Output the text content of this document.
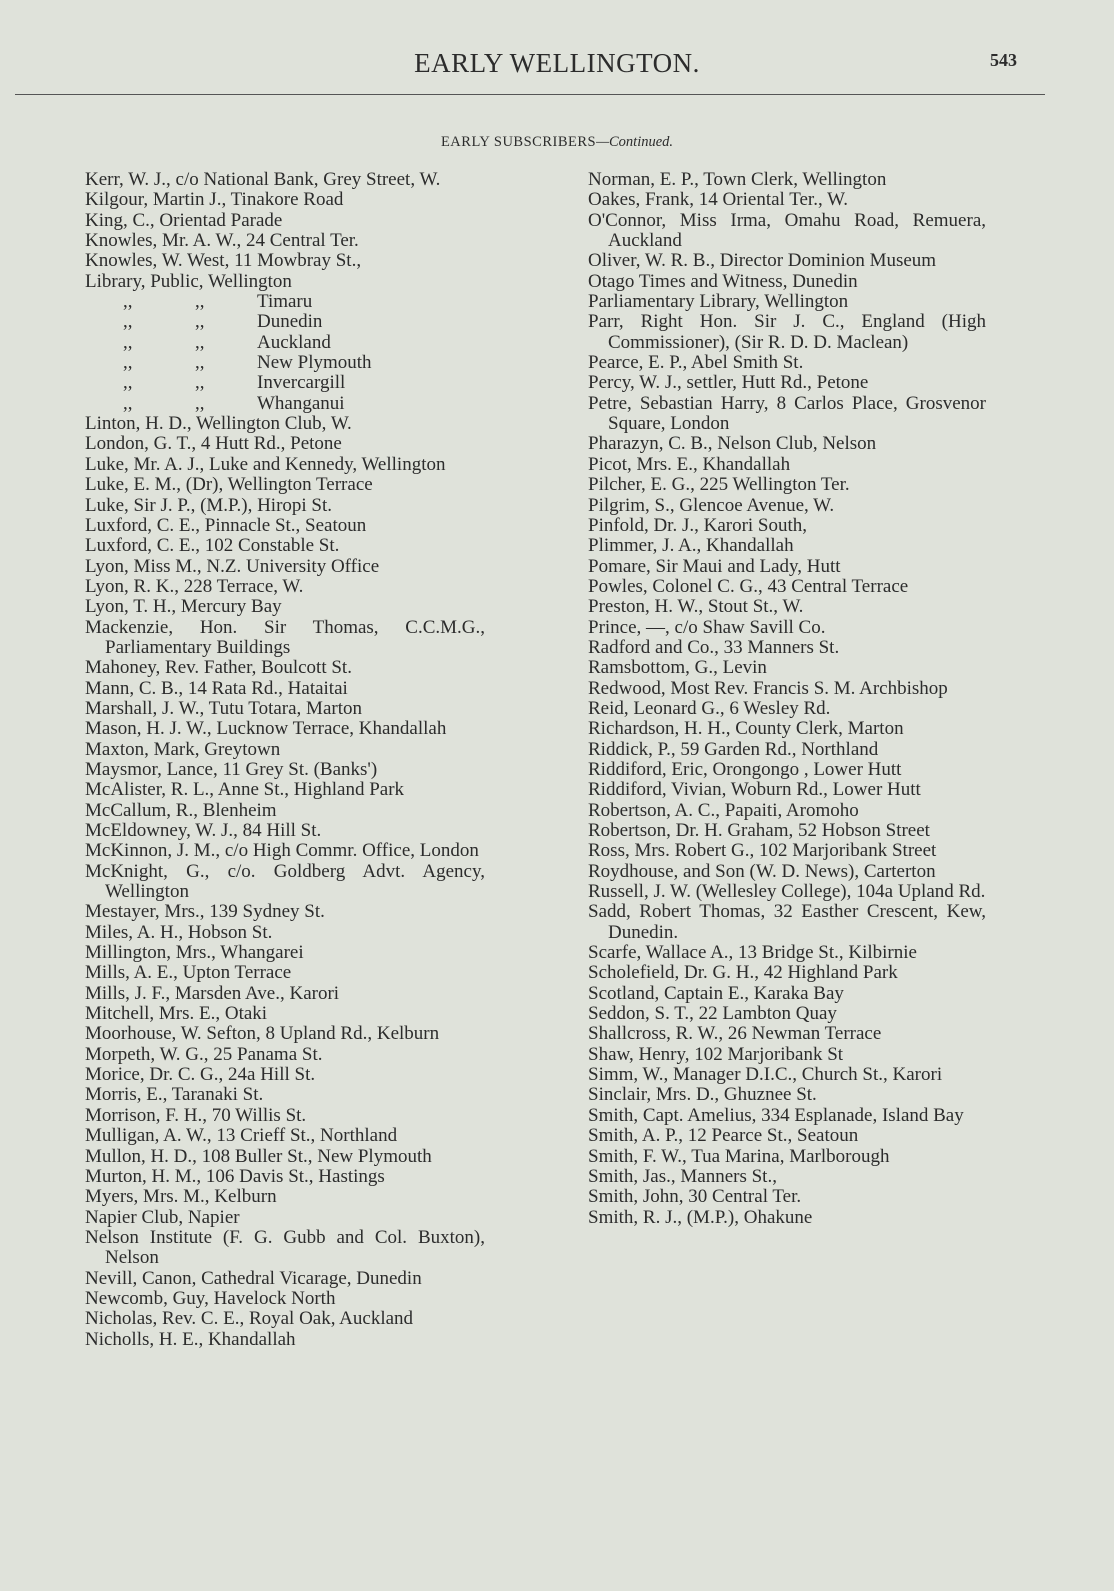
EARLY WELLINGTON.	543
EARLY SUBSCRIBERS—Continued.
Kerr, W. J., c/o National Bank, Grey Street, W.
Kilgour, Martin J., Tinakore Road
King, C., Orientad Parade
Knowles, Mr. A. W., 24 Central Ter.
Knowles, W. West, 11 Mowbray St.,
Library, Public, Wellington
,,	,,	Timaru
,,	,,	Dunedin
,,	,,	Auckland
,,	,,	New Plymouth
,,	,,	Invercargill
,,	,,	Whanganui
Linton, H. D., Wellington Club, W.
London, G. T., 4 Hutt Rd., Petone
Luke, Mr. A. J., Luke and Kennedy, Wellington
Luke, E. M., (Dr), Wellington Terrace
Luke, Sir J. P., (M.P.), Hiropi St.
Luxford, C. E., Pinnacle St., Seatoun
Luxford, C. E., 102 Constable St.
Lyon, Miss M., N.Z. University Office
Lyon, R. K., 228 Terrace, W.
Lyon, T. H., Mercury Bay
Mackenzie, Hon. Sir Thomas, C.C.M.G., Parliamentary Buildings
Mahoney, Rev. Father, Boulcott St.
Mann, C. B., 14 Rata Rd., Hataitai
Marshall, J. W., Tutu Totara, Marton
Mason, H. J. W., Lucknow Terrace, Khandallah
Maxton, Mark, Greytown
Maysmor, Lance, 11 Grey St. (Banks')
McAlister, R. L., Anne St., Highland Park
McCallum, R., Blenheim
McEldowney, W. J., 84 Hill St.
McKinnon, J. M., c/o High Commr. Office, London
McKnight, G., c/o. Goldberg Advt. Agency, Wellington
Mestayer, Mrs., 139 Sydney St.
Miles, A. H., Hobson St.
Millington, Mrs., Whangarei
Mills, A. E., Upton Terrace
Mills, J. F., Marsden Ave., Karori
Mitchell, Mrs. E., Otaki
Moorhouse, W. Sefton, 8 Upland Rd., Kelburn
Morpeth, W. G., 25 Panama St.
Morice, Dr. C. G., 24a Hill St.
Morris, E., Taranaki St.
Morrison, F. H., 70 Willis St.
Mulligan, A. W., 13 Crieff St., Northland
Mullon, H. D., 108 Buller St., New Plymouth
Murton, H. M., 106 Davis St., Hastings
Myers, Mrs. M., Kelburn
Napier Club, Napier
Nelson Institute (F. G. Gubb and Col. Buxton), Nelson
Nevill, Canon, Cathedral Vicarage, Dunedin
Newcomb, Guy, Havelock North
Nicholas, Rev. C. E., Royal Oak, Auckland
Nicholls, H. E., Khandallah
Norman, E. P., Town Clerk, Wellington
Oakes, Frank, 14 Oriental Ter., W.
O'Connor, Miss Irma, Omahu Road, Remuera, Auckland
Oliver, W. R. B., Director Dominion Museum
Otago Times and Witness, Dunedin
Parliamentary Library, Wellington
Parr, Right Hon. Sir J. C., England (High Commissioner), (Sir R. D. D. Maclean)
Pearce, E. P., Abel Smith St.
Percy, W. J., settler, Hutt Rd., Petone
Petre, Sebastian Harry, 8 Carlos Place, Grosvenor Square, London
Pharazyn, C. B., Nelson Club, Nelson
Picot, Mrs. E., Khandallah
Pilcher, E. G., 225 Wellington Ter.
Pilgrim, S., Glencoe Avenue, W.
Pinfold, Dr. J., Karori South,
Plimmer, J. A., Khandallah
Pomare, Sir Maui and Lady, Hutt
Powles, Colonel C. G., 43 Central Terrace
Preston, H. W., Stout St., W.
Prince, —, c/o Shaw Savill Co.
Radford and Co., 33 Manners St.
Ramsbottom, G., Levin
Redwood, Most Rev. Francis S. M. Archbishop
Reid, Leonard G., 6 Wesley Rd.
Richardson, H. H., County Clerk, Marton
Riddick, P., 59 Garden Rd., Northland
Riddiford, Eric, Orongongo , Lower Hutt
Riddiford, Vivian, Woburn Rd., Lower Hutt
Robertson, A. C., Papaiti, Aromoho
Robertson, Dr. H. Graham, 52 Hobson Street
Ross, Mrs. Robert G., 102 Marjoribank Street
Roydhouse, and Son (W. D. News), Carterton
Russell, J. W. (Wellesley College), 104a Upland Rd.
Sadd, Robert Thomas, 32 Easther Crescent, Kew, Dunedin.
Scarfe, Wallace A., 13 Bridge St., Kilbirnie
Scholefield, Dr. G. H., 42 Highland Park
Scotland, Captain E., Karaka Bay
Seddon, S. T., 22 Lambton Quay
Shallcross, R. W., 26 Newman Terrace
Shaw, Henry, 102 Marjoribank St
Simm, W., Manager D.I.C., Church St., Karori
Sinclair, Mrs. D., Ghuznee St.
Smith, Capt. Amelius, 334 Esplanade, Island Bay
Smith, A. P., 12 Pearce St., Seatoun
Smith, F. W., Tua Marina, Marlborough
Smith, Jas., Manners St.,
Smith, John, 30 Central Ter.
Smith, R. J., (M.P.), Ohakune
